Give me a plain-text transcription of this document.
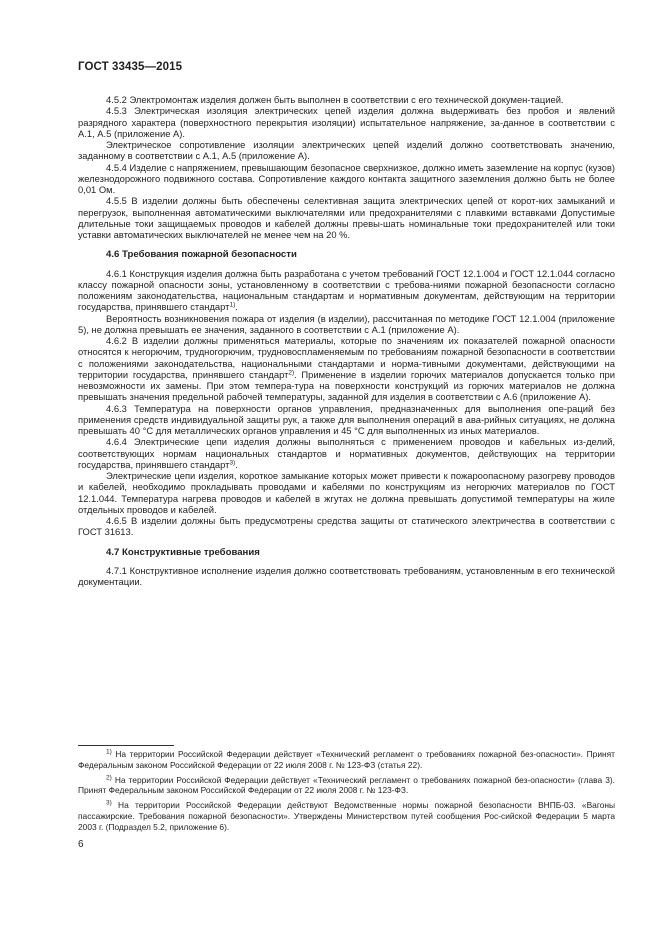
ГОСТ 33435—2015

4.5.2 Электромонтаж изделия должен быть выполнен в соответствии с его технической докумен-тацией.

4.5.3 Электрическая изоляция электрических цепей изделия должна выдерживать без пробоя и явлений разрядного характера (поверхностного перекрытия изоляции) испытательное напряжение, за-данное в соответствии с А.1, А.5 (приложение А).

Электрическое сопротивление изоляции электрических цепей изделий должно соответствовать значению, заданному в соответствии с А.1, А.5 (приложение А).

4.5.4 Изделие с напряжением, превышающим безопасное сверхнизкое, должно иметь заземление на корпус (кузов) железнодорожного подвижного состава. Сопротивление каждого контакта защитного заземления должно быть не более 0,01 Ом.

4.5.5 В изделии должны быть обеспечены селективная защита электрических цепей от корот-ких замыканий и перегрузок, выполненная автоматическими выключателями или предохранителями с плавкими вставками Допустимые длительные токи защищаемых проводов и кабелей должны превы-шать номинальные токи предохранителей или токи уставки автоматических выключателей не менее чем на 20 %.

4.6 Требования пожарной безопасности

4.6.1 Конструкция изделия должна быть разработана с учетом требований ГОСТ 12.1.004 и ГОСТ 12.1.044 согласно классу пожарной опасности зоны, установленному в соответствии с требова-ниями пожарной безопасности согласно положениям законодательства, национальным стандартам и нормативным документам, действующим на территории государства, принявшего стандарт$^{1)}$.

Вероятность возникновения пожара от изделия (в изделии), рассчитанная по методике ГОСТ 12.1.004 (приложение 5), не должна превышать ее значения, заданного в соответствии с А.1 (приложение А).

4.6.2 В изделии должны применяться материалы, которые по значениям их показателей пожарной опасности относятся к негорючим, трудногорючим, трудновоспламеняемым по требованиям пожарной безопасности в соответствии с положениями законодательства, национальными стандартами и норма-тивными документами, действующими на территории государства, принявшего стандарт$^{2)}$. Применение в изделии горючих материалов допускается только при невозможности их замены. При этом темпера-тура на поверхности конструкций из горючих материалов не должна превышать значения предельной рабочей температуры, заданной для изделия в соответствии с А.6 (приложение А).

4.6.3 Температура на поверхности органов управления, предназначенных для выполнения опе-раций без применения средств индивидуальной защиты рук, а также для выполнения операций в ава-рийных ситуациях, не должна превышать 40 °С для металлических органов управления и 45 °С для выполненных из иных материалов.

4.6.4 Электрические цепи изделия должны выполняться с применением проводов и кабельных из-делий, соответствующих нормам национальных стандартов и нормативных документов, действующих на территории государства, принявшего стандарт$^{3)}$.

Электрические цепи изделия, короткое замыкание которых может привести к пожароопасному разогреву проводов и кабелей, необходимо прокладывать проводами и кабелями по конструкциям из негорючих материалов по ГОСТ 12.1.044. Температура нагрева проводов и кабелей в жгутах не должна превышать допустимой температуры на жиле отдельных проводов и кабелей.

4.6.5 В изделии должны быть предусмотрены средства защиты от статического электричества в соответствии с ГОСТ 31613.

4.7 Конструктивные требования

4.7.1 Конструктивное исполнение изделия должно соответствовать требованиям, установленным в его технической документации.

$^{1)}$ На территории Российской Федерации действует «Технический регламент о требованиях пожарной без-опасности». Принят Федеральным законом Российской Федерации от 22 июля 2008 г. № 123-ФЗ (статья 22).

$^{2)}$ На территории Российской Федерации действует «Технический регламент о требованиях пожарной без-опасности» (глава 3). Принят Федеральным законом Российской Федерации от 22 июля 2008 г. № 123-ФЗ.

$^{3)}$ На территории Российской Федерации действуют Ведомственные нормы пожарной безопасности ВНПБ-03. «Вагоны пассажирские. Требования пожарной безопасности». Утверждены Министерством путей сообщения Рос-сийской Федерации 5 марта 2003 г. (Подраздел 5.2, приложение 6).

6
